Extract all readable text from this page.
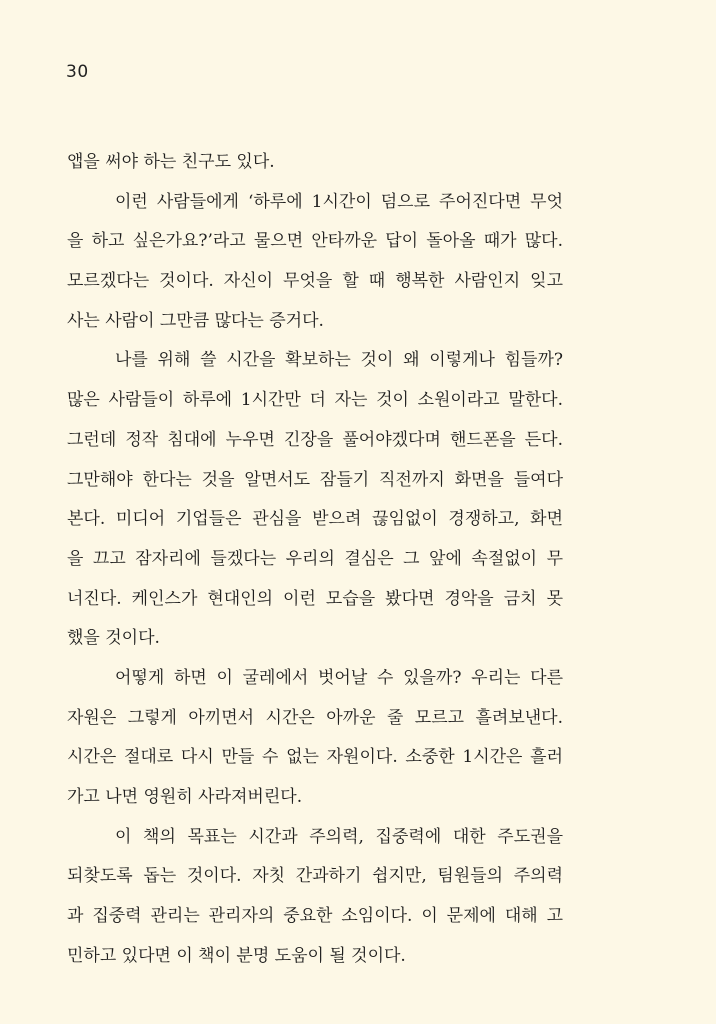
30
앱을 써야 하는 친구도 있다.
이런 사람들에게 ‘하루에 1시간이 덤으로 주어진다면 무엇
을 하고 싶은가요?’라고 물으면 안타까운 답이 돌아올 때가 많다.
모르겠다는 것이다. 자신이 무엇을 할 때 행복한 사람인지 잊고
사는 사람이 그만큼 많다는 증거다.
나를 위해 쓸 시간을 확보하는 것이 왜 이렇게나 힘들까?
많은 사람들이 하루에 1시간만 더 자는 것이 소원이라고 말한다.
그런데 정작 침대에 누우면 긴장을 풀어야겠다며 핸드폰을 든다.
그만해야 한다는 것을 알면서도 잠들기 직전까지 화면을 들여다
본다. 미디어 기업들은 관심을 받으려 끊임없이 경쟁하고, 화면
을 끄고 잠자리에 들겠다는 우리의 결심은 그 앞에 속절없이 무
너진다. 케인스가 현대인의 이런 모습을 봤다면 경악을 금치 못
했을 것이다.
어떻게 하면 이 굴레에서 벗어날 수 있을까? 우리는 다른
자원은 그렇게 아끼면서 시간은 아까운 줄 모르고 흘려보낸다.
시간은 절대로 다시 만들 수 없는 자원이다. 소중한 1시간은 흘러
가고 나면 영원히 사라져버린다.
이 책의 목표는 시간과 주의력, 집중력에 대한 주도권을
되찾도록 돕는 것이다. 자칫 간과하기 쉽지만, 팀원들의 주의력
과 집중력 관리는 관리자의 중요한 소임이다. 이 문제에 대해 고
민하고 있다면 이 책이 분명 도움이 될 것이다.
